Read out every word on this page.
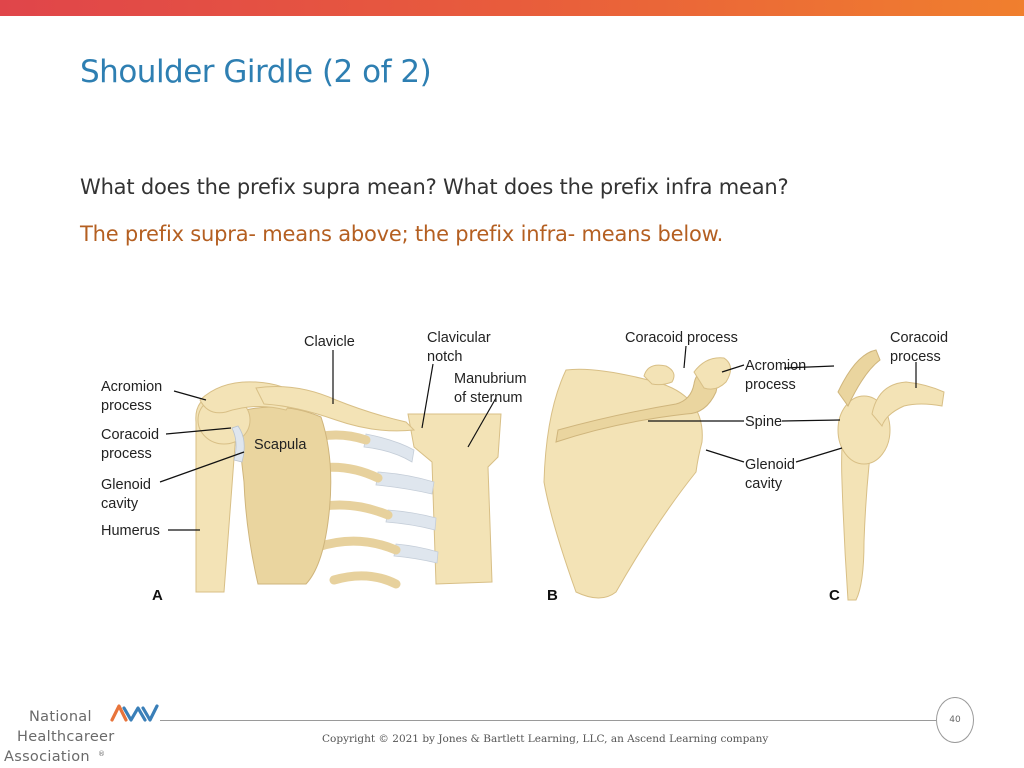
Shoulder Girdle (2 of 2)
What does the prefix supra mean? What does the prefix infra mean?
The prefix supra- means above; the prefix infra- means below.
Clavicle	Clavicular
notch
Manubrium
of sternum
Acromion
process
Coracoid
process
Scapula
Glenoid
cavity
Humerus
A
Coracoid process
Acromion
process
Spine
Glenoid
cavity
B
Coracoid
process
C
40
Copyright © 2021 by Jones & Bartlett Learning, LLC, an Ascend Learning company
National
Healthcareer
Association ®
